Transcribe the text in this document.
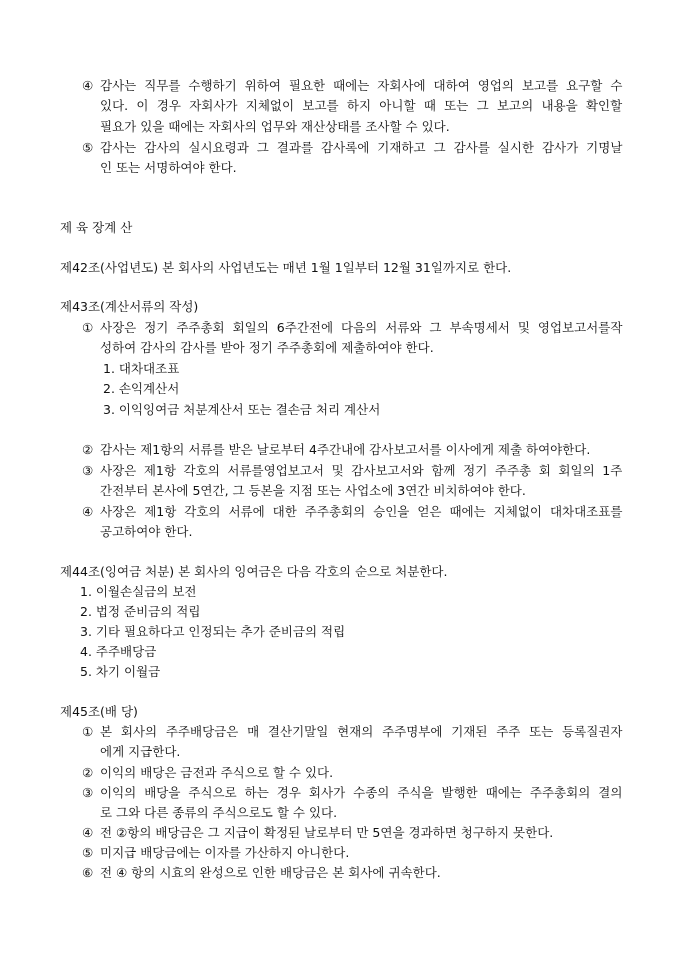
④ 감사는 직무를 수행하기 위하여 필요한 때에는 자회사에 대하여 영업의 보고를 요구할 수
있다. 이 경우 자회사가 지체없이 보고를 하지 아니할 때 또는 그 보고의 내용을 확인할
필요가 있을 때에는 자회사의 업무와 재산상태를 조사할 수 있다.
⑤ 감사는 감사의 실시요령과 그 결과를 감사록에 기재하고 그 감사를 실시한 감사가 기명날
인 또는 서명하여야 한다.
제 육 장계 산
제42조(사업년도) 본 회사의 사업년도는 매년 1월 1일부터 12월 31일까지로 한다.
제43조(계산서류의 작성)
① 사장은 정기 주주총회 회일의 6주간전에 다음의 서류와 그 부속명세서 및 영업보고서를작
성하여 감사의 감사를 받아 정기 주주총회에 제출하여야 한다.
1. 대차대조표
2. 손익계산서
3. 이익잉여금 처분계산서 또는 결손금 처리 계산서
② 감사는 제1항의 서류를 받은 날로부터 4주간내에 감사보고서를 이사에게 제출 하여야한다.
③ 사장은 제1항 각호의 서류를영업보고서 및 감사보고서와 함께 정기 주주총 회 회일의 1주
간전부터 본사에 5연간, 그 등본을 지점 또는 사업소에 3연간 비치하여야 한다.
④ 사장은 제1항 각호의 서류에 대한 주주총회의 승인을 얻은 때에는 지체없이 대차대조표를
공고하여야 한다.
제44조(잉여금 처분) 본 회사의 잉여금은 다음 각호의 순으로 처분한다.
1. 이월손실금의 보전
2. 법정 준비금의 적립
3. 기타 필요하다고 인정되는 추가 준비금의 적립
4. 주주배당금
5. 차기 이월금
제45조(배 당)
① 본 회사의 주주배당금은 매 결산기말일 현재의 주주명부에 기재된 주주 또는 등록질권자
에게 지급한다.
② 이익의 배당은 금전과 주식으로 할 수 있다.
③ 이익의 배당을 주식으로 하는 경우 회사가 수종의 주식을 발행한 때에는 주주총회의 결의
로 그와 다른 종류의 주식으로도 할 수 있다.
④ 전 ②항의 배당금은 그 지급이 확정된 날로부터 만 5연을 경과하면 청구하지 못한다.
⑤ 미지급 배당금에는 이자를 가산하지 아니한다.
⑥ 전 ④ 항의 시효의 완성으로 인한 배당금은 본 회사에 귀속한다.
